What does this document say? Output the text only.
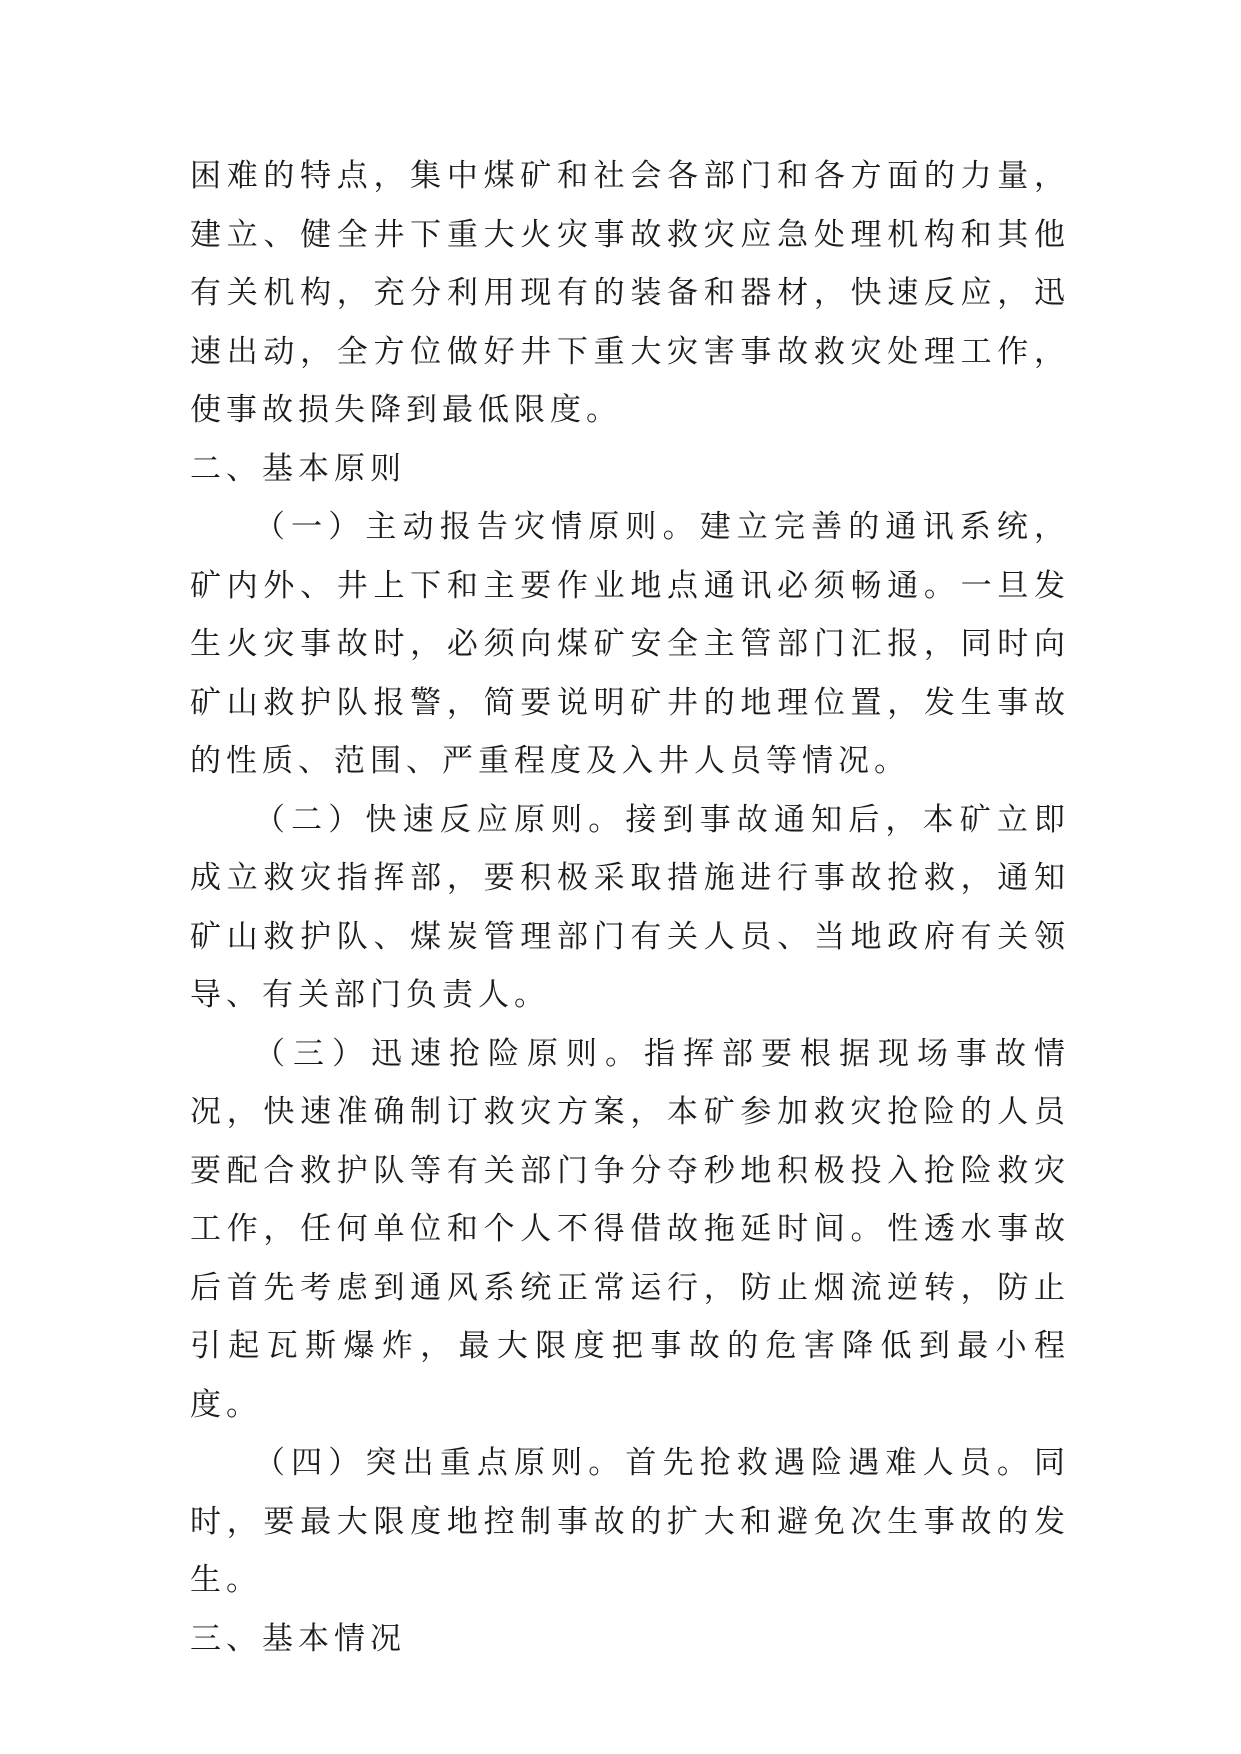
困难的特点，集中煤矿和社会各部门和各方面的力量，建立、健全井下重大火灾事故救灾应急处理机构和其他有关机构，充分利用现有的装备和器材，快速反应，迅速出动，全方位做好井下重大灾害事故救灾处理工作，使事故损失降到最低限度。

二、基本原则

（一）主动报告灾情原则。建立完善的通讯系统，矿内外、井上下和主要作业地点通讯必须畅通。一旦发生火灾事故时，必须向煤矿安全主管部门汇报，同时向矿山救护队报警，简要说明矿井的地理位置，发生事故的性质、范围、严重程度及入井人员等情况。

（二）快速反应原则。接到事故通知后，本矿立即成立救灾指挥部，要积极采取措施进行事故抢救，通知矿山救护队、煤炭管理部门有关人员、当地政府有关领导、有关部门负责人。

（三）迅速抢险原则。指挥部要根据现场事故情况，快速准确制订救灾方案，本矿参加救灾抢险的人员要配合救护队等有关部门争分夺秒地积极投入抢险救灾工作，任何单位和个人不得借故拖延时间。性透水事故后首先考虑到通风系统正常运行，防止烟流逆转，防止 引起瓦斯爆炸，最大限度把事故的危害降低到最小程度。

（四）突出重点原则。首先抢救遇险遇难人员。同时，要最大限度地控制事故的扩大和避免次生事故的发生。

三、基本情况
